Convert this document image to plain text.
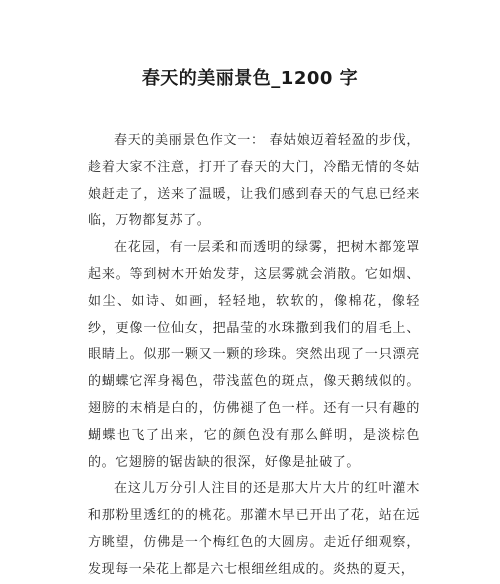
春天的美丽景色_1200 字

春天的美丽景色作文一： 春姑娘迈着轻盈的步伐，趁着大家不注意，打开了春天的大门，冷酷无情的冬姑娘赶走了，送来了温暖，让我们感到春天的气息已经来临，万物都复苏了。

在花园，有一层柔和而透明的绿雾，把树木都笼罩起来。等到树木开始发芽，这层雾就会消散。它如烟、如尘、如诗、如画，轻轻地，软软的，像棉花，像轻纱，更像一位仙女，把晶莹的水珠撒到我们的眉毛上、眼睛上。似那一颗又一颗的珍珠。突然出现了一只漂亮的蝴蝶它浑身褐色，带浅蓝色的斑点，像天鹅绒似的。翅膀的末梢是白的，仿佛褪了色一样。还有一只有趣的蝴蝶也飞了出来，它的颜色没有那么鲜明，是淡棕色的。它翅膀的锯齿缺的很深，好像是扯破了。

在这儿万分引人注目的还是那大片大片的红叶灌木和那粉里透红的的桃花。那灌木早已开出了花，站在远方眺望，仿佛是一个梅红色的大圆房。走近仔细观察，发现每一朵花上都是六七根细丝组成的。炎热的夏天，
